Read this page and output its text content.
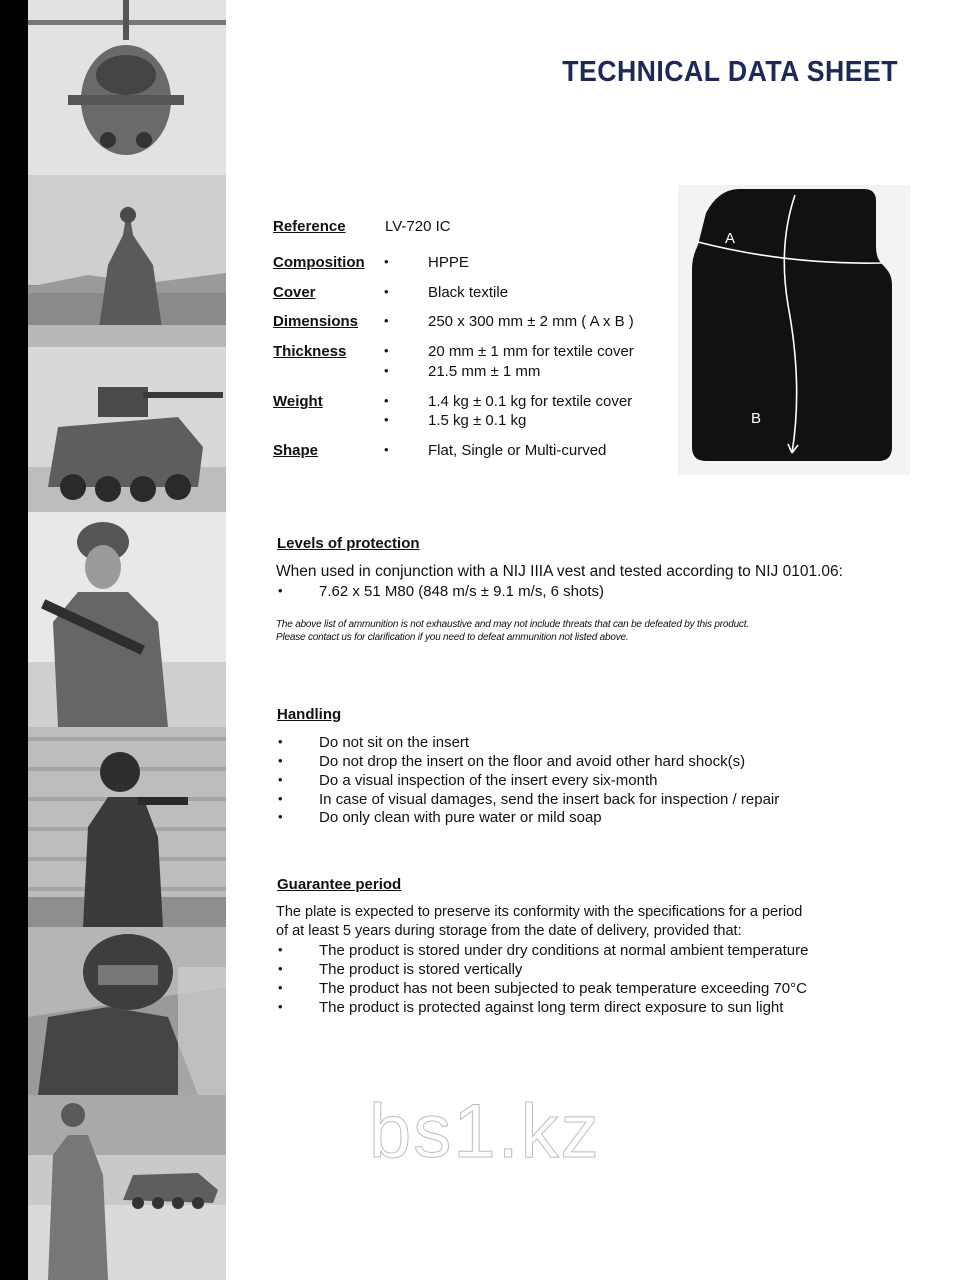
TECHNICAL DATA SHEET
Reference	LV-720 IC
Composition •	HPPE
Cover	•	Black textile
Dimensions •	250 x 300 mm ± 2 mm ( A x B )
Thickness	•	20 mm ± 1 mm for textile cover
•	21.5 mm ± 1 mm
Weight	•	1.4 kg ± 0.1 kg for textile cover
•	1.5 kg ± 0.1 kg
Shape	•	Flat, Single or Multi-curved
A
B
Levels of protection
When used in conjunction with a NIJ IIIA vest and tested according to NIJ 0101.06:
• 7.62 x 51 M80 (848 m/s ± 9.1 m/s, 6 shots)
The above list of ammunition is not exhaustive and may not include threats that can be defeated by this product.
Please contact us for clarification if you need to defeat ammunition not listed above.
Handling
• Do not sit on the insert
• Do not drop the insert on the floor and avoid other hard shock(s)
• Do a visual inspection of the insert every six-month
• In case of visual damages, send the insert back for inspection / repair
• Do only clean with pure water or mild soap
Guarantee period
The plate is expected to preserve its conformity with the specifications for a period
of at least 5 years during storage from the date of delivery, provided that:
• The product is stored under dry conditions at normal ambient temperature
• The product is stored vertically
• The product has not been subjected to peak temperature exceeding 70°C
• The product is protected against long term direct exposure to sun light
bs1.kz
